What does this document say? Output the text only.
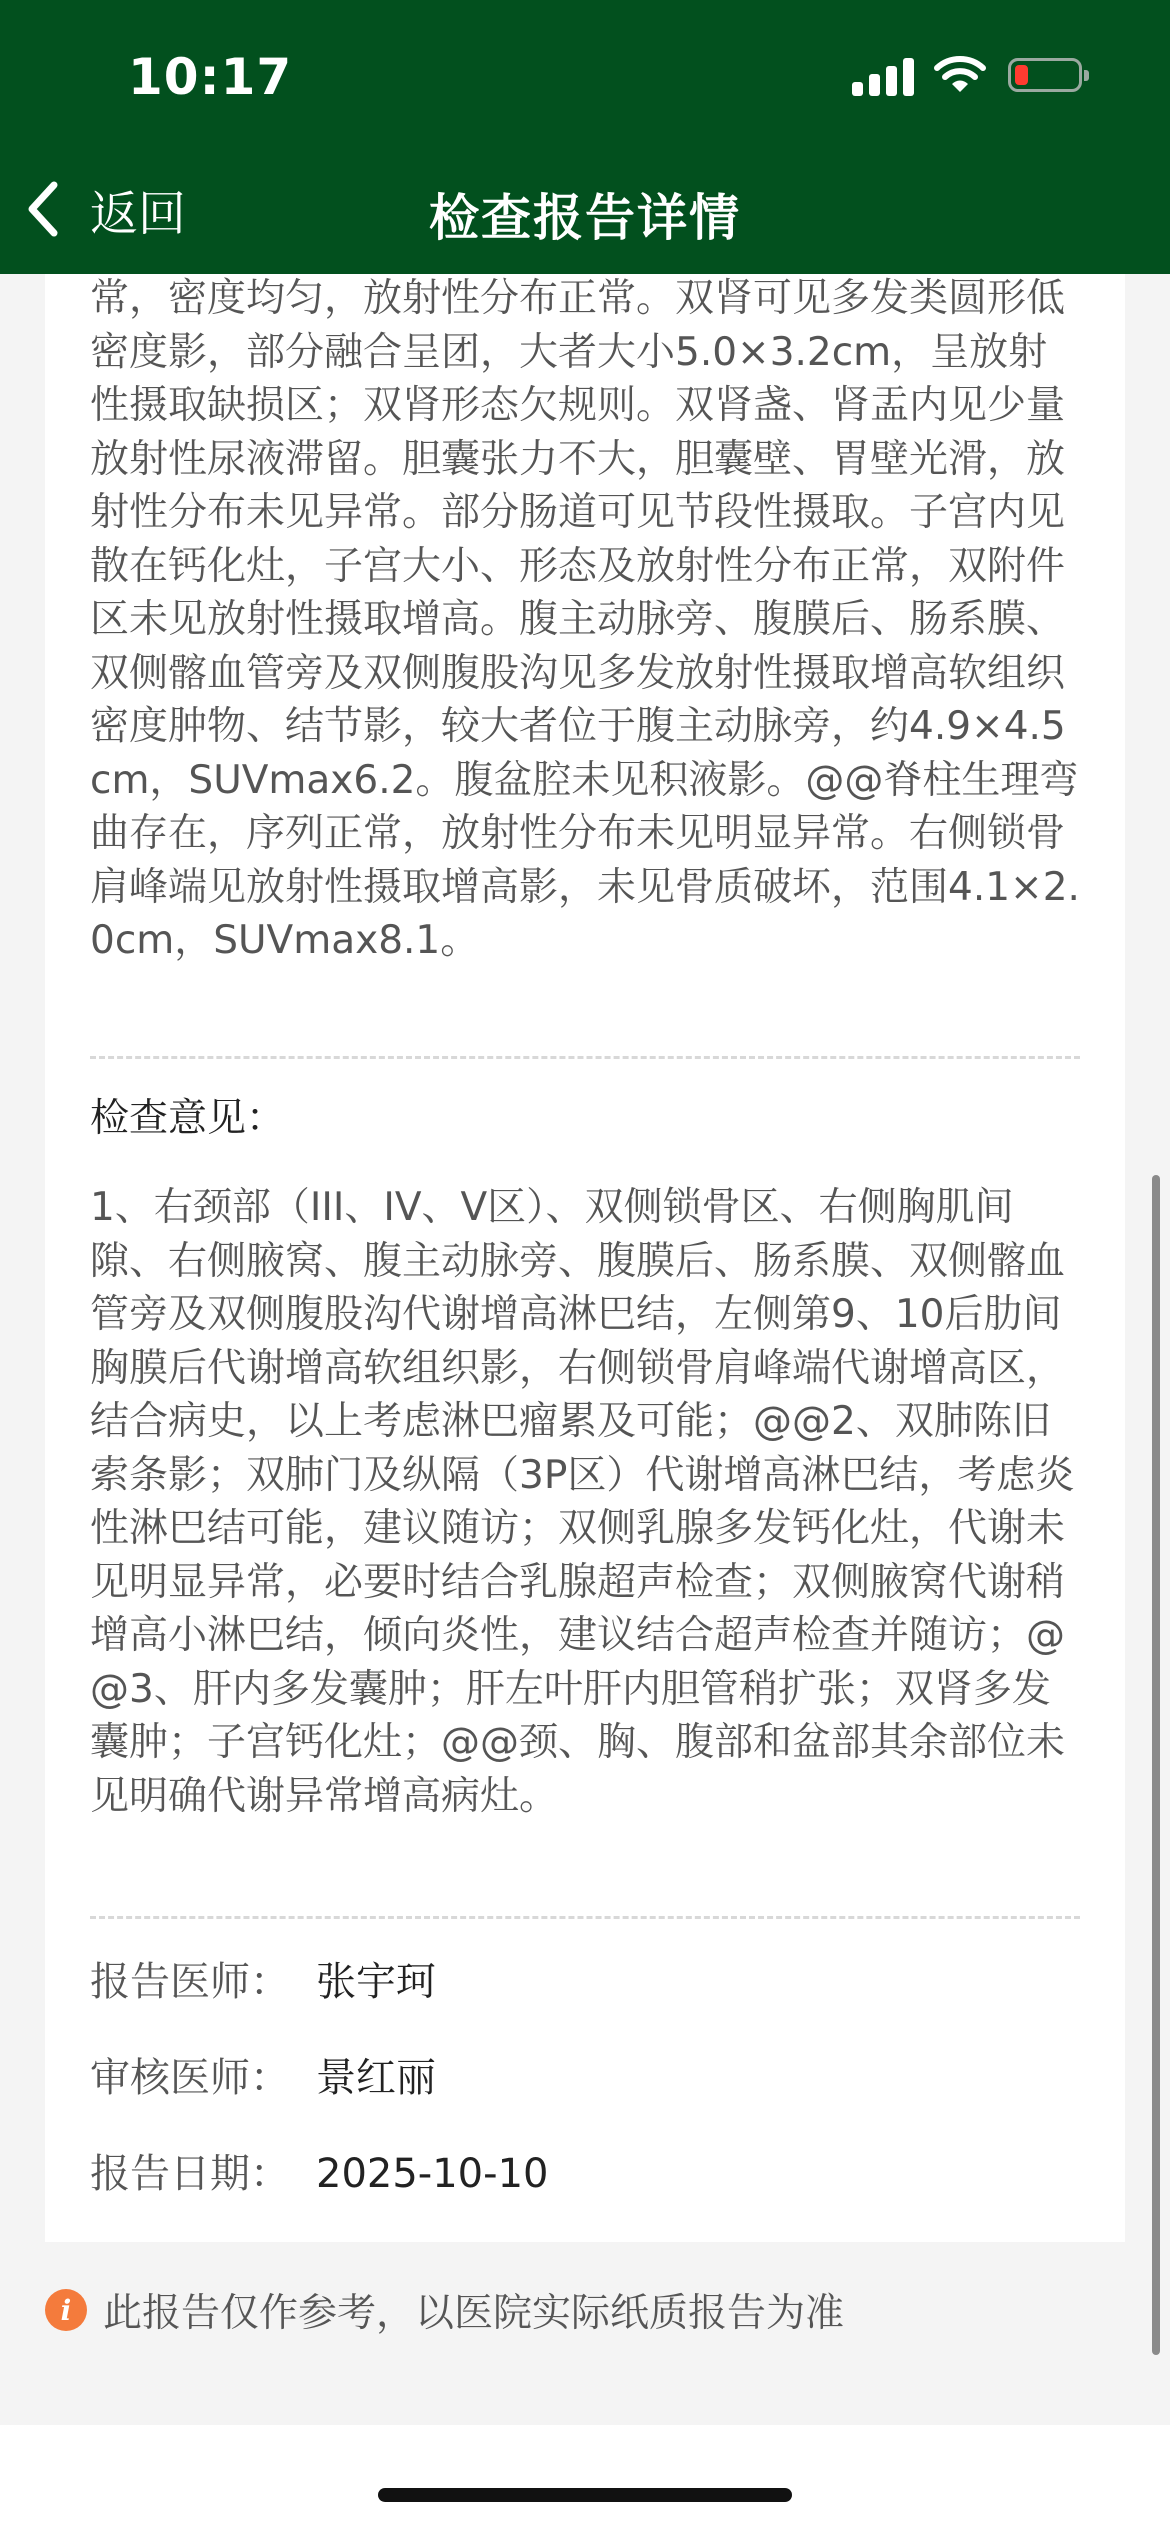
10:17
返回	检查报告详情
常，密度均匀，放射性分布正常。双肾可见多发类圆形低密度影，部分融合呈团，大者大小5.0×3.2cm，呈放射性摄取缺损区；双肾形态欠规则。双肾盏、肾盂内见少量放射性尿液滞留。胆囊张力不大，胆囊壁、胃壁光滑，放射性分布未见异常。部分肠道可见节段性摄取。子宫内见散在钙化灶，子宫大小、形态及放射性分布正常，双附件区未见放射性摄取增高。腹主动脉旁、腹膜后、肠系膜、双侧髂血管旁及双侧腹股沟见多发放射性摄取增高软组织密度肿物、结节影，较大者位于腹主动脉旁，约4.9×4.5cm，SUVmax6.2。腹盆腔未见积液影。@@脊柱生理弯曲存在，序列正常，放射性分布未见明显异常。右侧锁骨肩峰端见放射性摄取增高影，未见骨质破坏，范围4.1×2.0cm，SUVmax8.1。
检查意见：
1、右颈部（III、IV、V区）、双侧锁骨区、右侧胸肌间隙、右侧腋窝、腹主动脉旁、腹膜后、肠系膜、双侧髂血管旁及双侧腹股沟代谢增高淋巴结，左侧第9、10后肋间胸膜后代谢增高软组织影，右侧锁骨肩峰端代谢增高区，结合病史，以上考虑淋巴瘤累及可能；@@2、双肺陈旧索条影；双肺门及纵隔（3P区）代谢增高淋巴结，考虑炎性淋巴结可能，建议随访；双侧乳腺多发钙化灶，代谢未见明显异常，必要时结合乳腺超声检查；双侧腋窝代谢稍增高小淋巴结，倾向炎性，建议结合超声检查并随访；@@3、肝内多发囊肿；肝左叶肝内胆管稍扩张；双肾多发囊肿；子宫钙化灶；@@颈、胸、腹部和盆部其余部位未见明确代谢异常增高病灶。
报告医师： 张宇珂
审核医师： 景红丽
报告日期： 2025-10-10
i 此报告仅作参考，以医院实际纸质报告为准
